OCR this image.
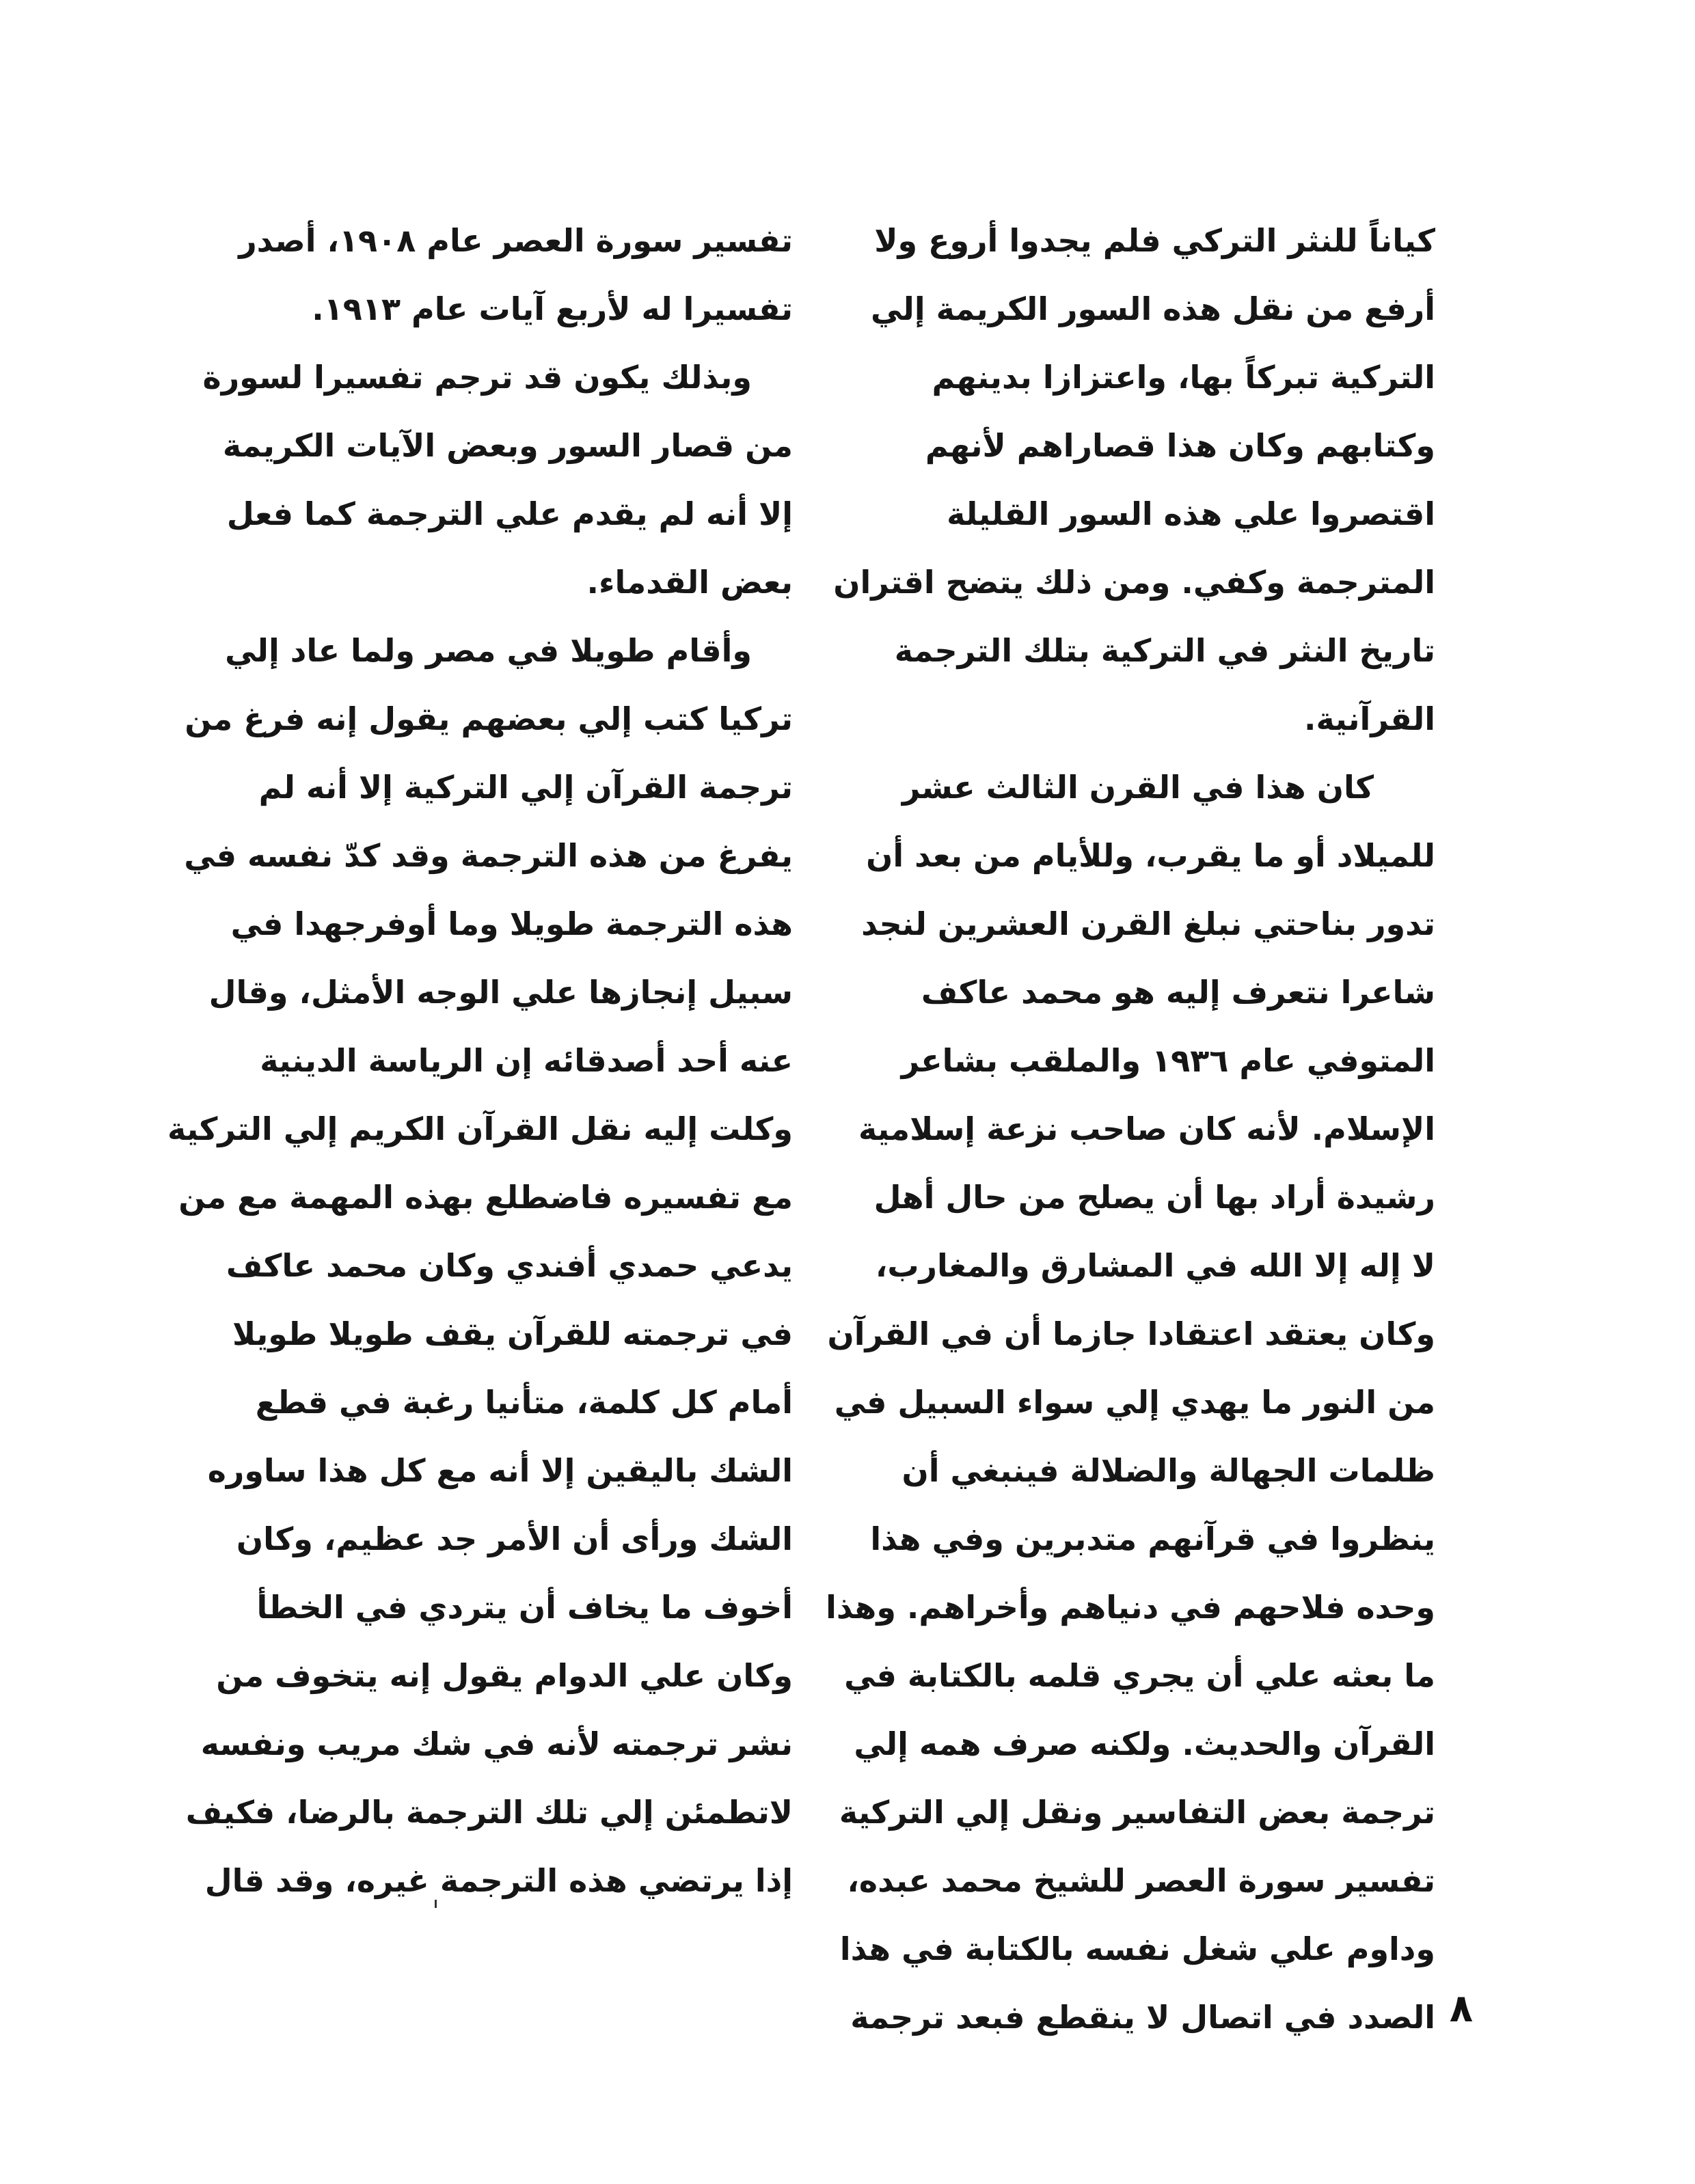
كياناً للنثر التركي فلم يجدوا أروع ولا
أرفع من نقل هذه السور الكريمة إلي
التركية تبركاً بها، واعتزازا بدينهم
وكتابهم وكان هذا قصاراهم لأنهم
اقتصروا علي هذه السور القليلة
المترجمة وكفي. ومن ذلك يتضح اقتران
تاريخ النثر في التركية بتلك الترجمة
القرآنية.
كان هذا في القرن الثالث عشر
للميلاد أو ما يقرب، وللأيام من بعد أن
تدور بناحتي نبلغ القرن العشرين لنجد
شاعرا نتعرف إليه هو محمد عاكف
المتوفي عام ١٩٣٦ والملقب بشاعر
الإسلام. لأنه كان صاحب نزعة إسلامية
رشيدة أراد بها أن يصلح من حال أهل
لا إله إلا الله في المشارق والمغارب،
وكان يعتقد اعتقادا جازما أن في القرآن
من النور ما يهدي إلي سواء السبيل في
ظلمات الجهالة والضلالة فينبغي أن
ينظروا في قرآنهم متدبرين وفي هذا
وحده فلاحهم في دنياهم وأخراهم. وهذا
ما بعثه علي أن يجري قلمه بالكتابة في
القرآن والحديث. ولكنه صرف همه إلي
ترجمة بعض التفاسير ونقل إلي التركية
تفسير سورة العصر للشيخ محمد عبده،
وداوم علي شغل نفسه بالكتابة في هذا
الصدد في اتصال لا ينقطع فبعد ترجمة
تفسير سورة العصر عام ١٩٠٨، أصدر
تفسيرا له لأربع آيات عام ١٩١٣.
وبذلك يكون قد ترجم تفسيرا لسورة
من قصار السور وبعض الآيات الكريمة
إلا أنه لم يقدم علي الترجمة كما فعل
بعض القدماء.
وأقام طويلا في مصر ولما عاد إلي
تركيا كتب إلي بعضهم يقول إنه فرغ من
ترجمة القرآن إلي التركية إلا أنه لم
يفرغ من هذه الترجمة وقد كدّ نفسه في
هذه الترجمة طويلا وما أوفرجهدا في
سبيل إنجازها علي الوجه الأمثل، وقال
عنه أحد أصدقائه إن الرياسة الدينية
وكلت إليه نقل القرآن الكريم إلي التركية
مع تفسيره فاضطلع بهذه المهمة مع من
يدعي حمدي أفندي وكان محمد عاكف
في ترجمته للقرآن يقف طويلا طويلا
أمام كل كلمة، متأنيا رغبة في قطع
الشك باليقين إلا أنه مع كل هذا ساوره
الشك ورأى أن الأمر جد عظيم، وكان
أخوف ما يخاف أن يتردي في الخطأ
وكان علي الدوام يقول إنه يتخوف من
نشر ترجمته لأنه في شك مريب ونفسه
لاتطمئن إلي تلك الترجمة بالرضا، فكيف
إذا يرتضي هذه الترجمة غيره، وقد قال
٨
